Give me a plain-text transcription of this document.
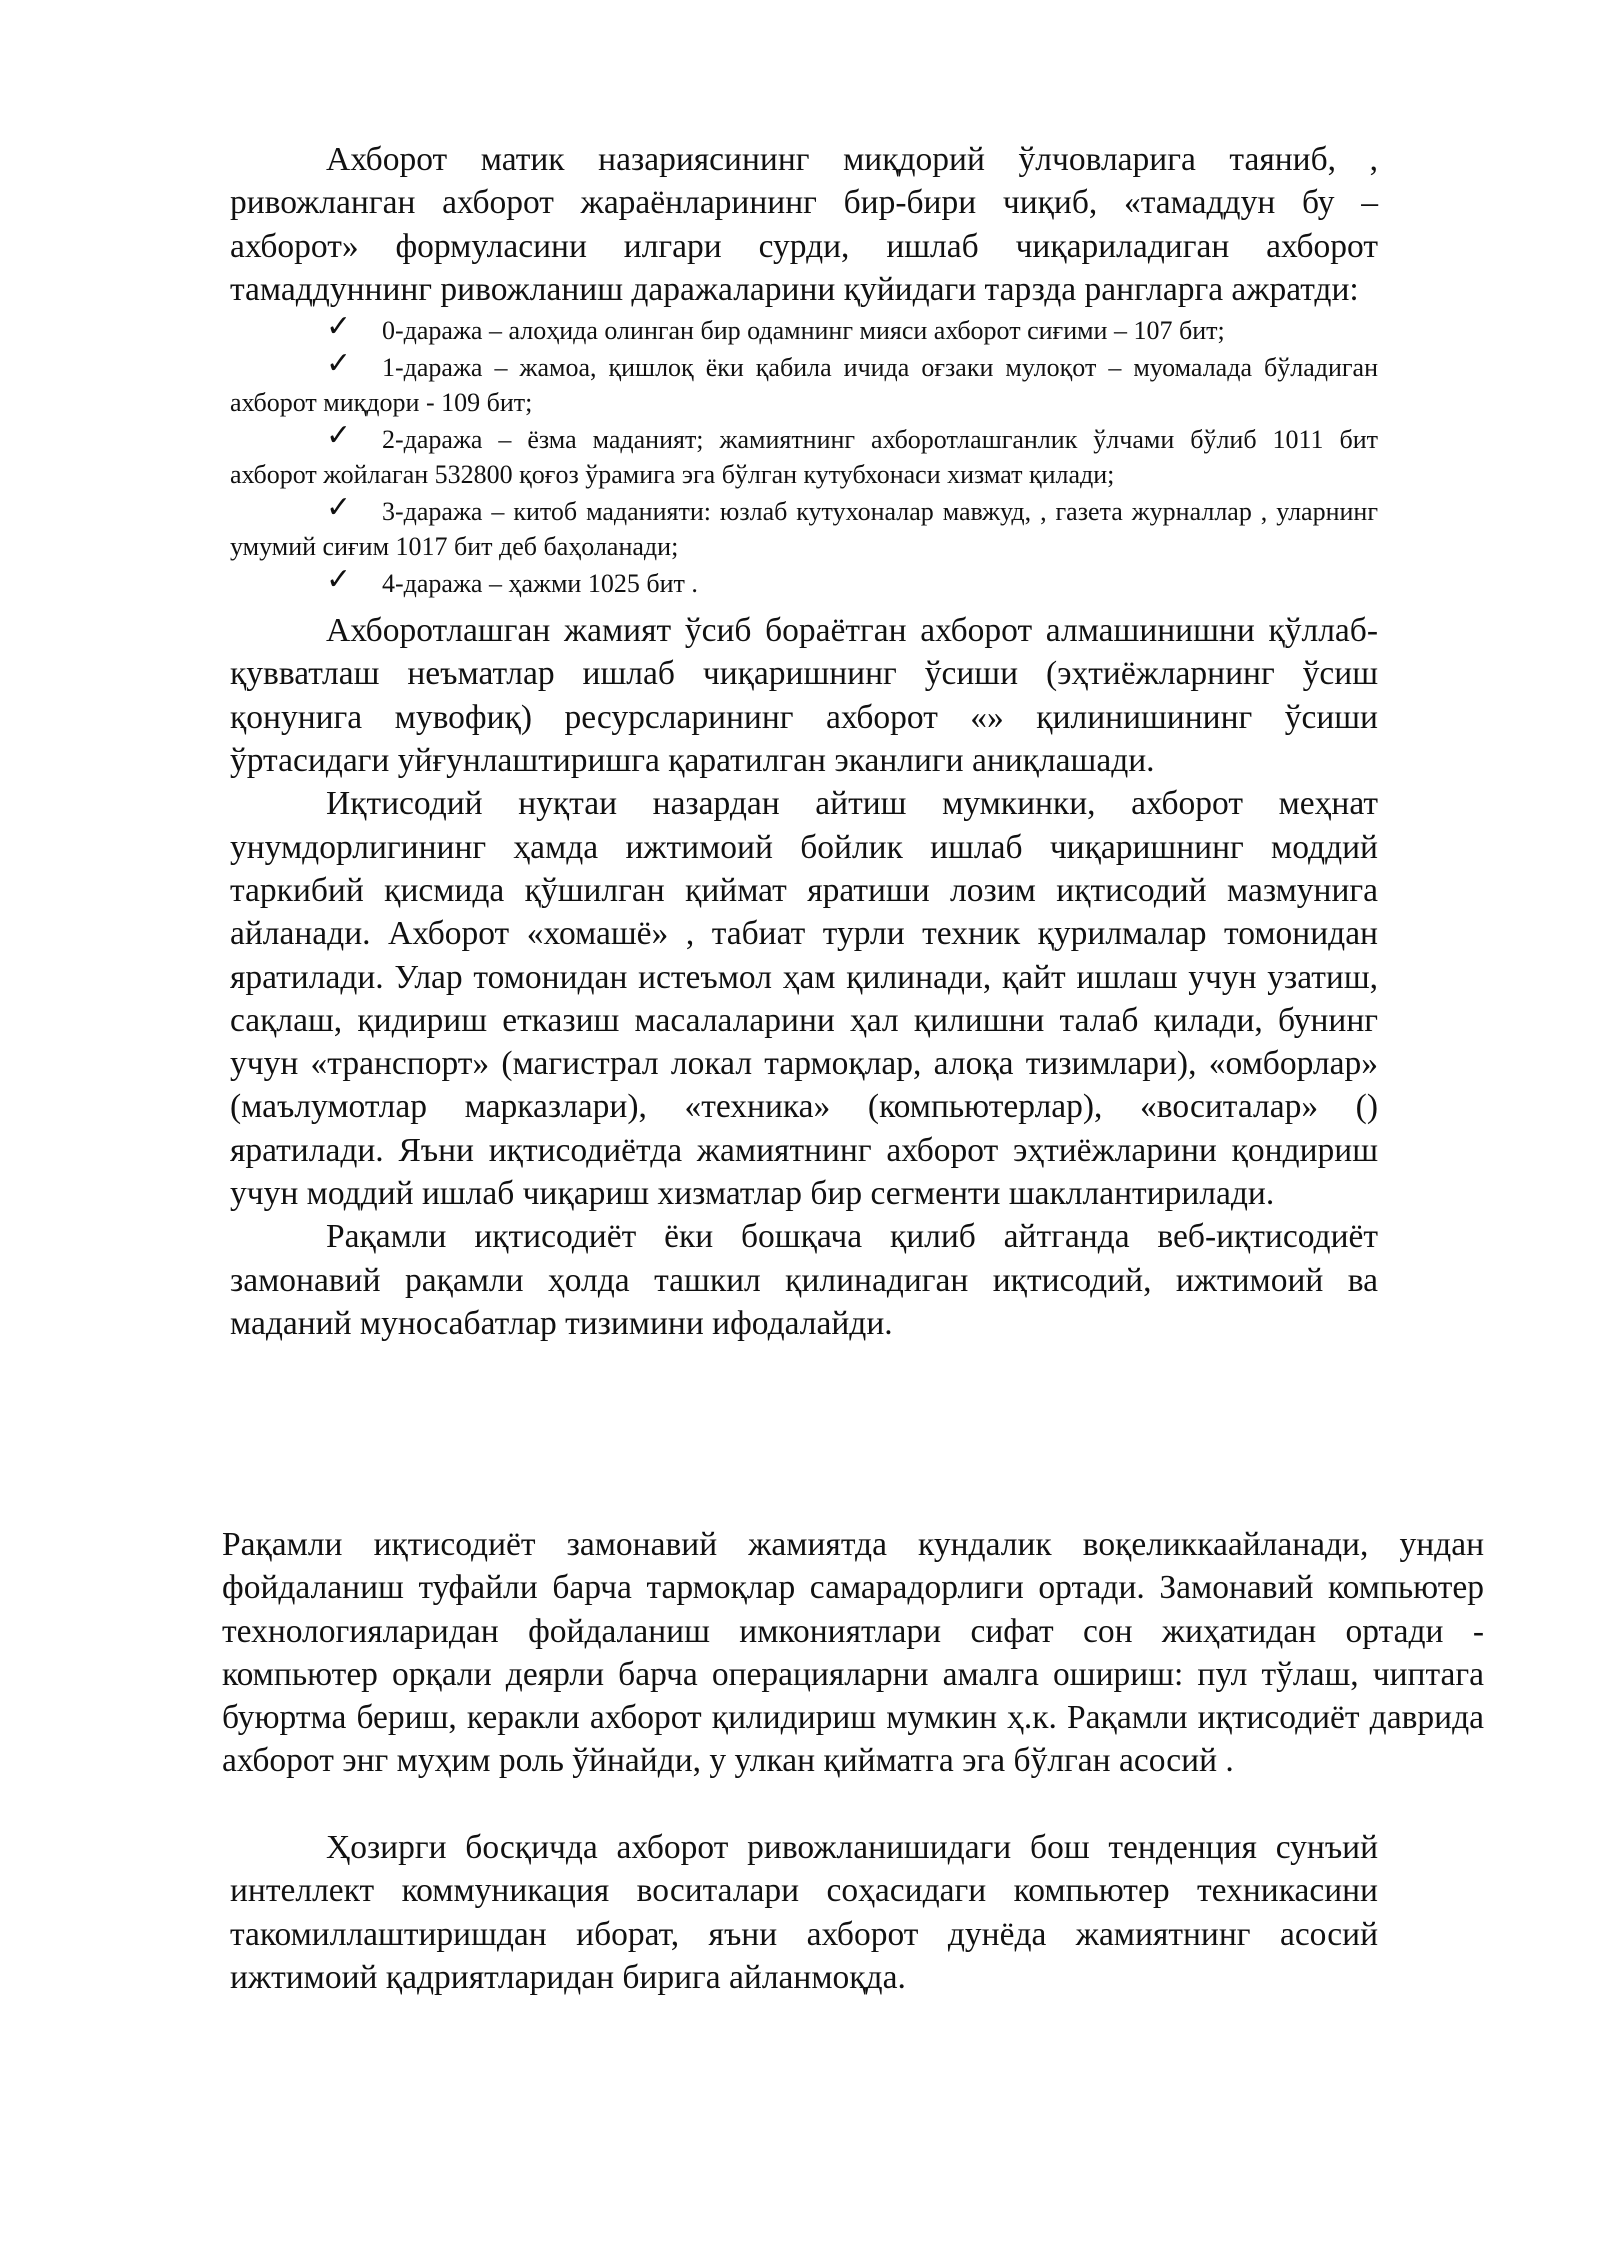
Ахборот матик назариясининг миқдорий ўлчовларига таяниб, , ривожланган ахборот жараёнларининг бир-бири чиқиб, «тамаддун бу – ахборот» формуласини илгари сурди, ишлаб чиқариладиган ахборот тамаддуннинг ривожланиш даражаларини қуйидаги тарзда рангларга ажратди:

✓ 0-даража – алоҳида олинган бир одамнинг мияси ахборот сиғими – 107 бит;

✓ 1-даража – жамоа, қишлоқ ёки қабила ичида оғзаки мулоқот – муомалада бўладиган ахборот миқдори - 109 бит;

✓ 2-даража – ёзма маданият; жамиятнинг ахборотлашганлик ўлчами бўлиб 1011 бит ахборот жойлаган 532800 қоғоз ўрамига эга бўлган кутубхонаси хизмат қилади;

✓ 3-даража – китоб маданияти: юзлаб кутухоналар мавжуд, , газета журналлар , уларнинг умумий сиғим 1017 бит деб баҳоланади;

✓ 4-даража – ҳажми 1025 бит .

Ахборотлашган жамият ўсиб бораётган ахборот алмашинишни қўллаб- қувватлаш неъматлар ишлаб чиқаришнинг ўсиши (эҳтиёжларнинг ўсиш қонунига мувофиқ) ресурсларининг ахборот «» қилинишининг ўсиши ўртасидаги уйғунлаштиришга қаратилган эканлиги аниқлашади.

Иқтисодий нуқтаи назардан айтиш мумкинки, ахборот меҳнат унумдорлигининг ҳамда ижтимоий бойлик ишлаб чиқаришнинг моддий таркибий қисмида қўшилган қиймат яратиши лозим иқтисодий мазмунига айланади. Ахборот «хомашё» , табиат турли техник қурилмалар томонидан яратилади. Улар томонидан истеъмол ҳам қилинади, қайт ишлаш учун узатиш, сақлаш, қидириш етказиш масалаларини ҳал қилишни талаб қилади, бунинг учун «транспорт» (магистрал локал тармоқлар, алоқа тизимлари), «омборлар» (маълумотлар марказлари), «техника» (компьютерлар), «воситалар» () яратилади. Яъни иқтисодиётда жамиятнинг ахборот эҳтиёжларини қондириш учун моддий ишлаб чиқариш хизматлар бир сегменти шакллантирилади.

Рақамли иқтисодиёт ёки бошқача қилиб айтганда веб-иқтисодиёт замонавий рақамли ҳолда ташкил қилинадиган иқтисодий, ижтимоий ва маданий муносабатлар тизимини ифодалайди.

Рақамли иқтисодиёт замонавий жамиятда кундалик воқеликкаайланади, ундан фойдаланиш туфайли барча тармоқлар самарадорлиги ортади. Замонавий компьютер технологияларидан фойдаланиш имкониятлари сифат сон жиҳатидан ортади - компьютер орқали деярли барча операцияларни амалга ошириш: пул тўлаш, чиптага буюртма бериш, керакли ахборот қилидириш мумкин ҳ.к. Рақамли иқтисодиёт даврида ахборот энг муҳим роль ўйнайди, у улкан қийматга эга бўлган асосий .

Ҳозирги босқичда ахборот ривожланишидаги бош тенденция сунъий интеллект коммуникация воситалари соҳасидаги компьютер техникасини такомиллаштиришдан иборат, яъни ахборот дунёда жамиятнинг асосий ижтимоий қадриятларидан бирига айланмоқда.
